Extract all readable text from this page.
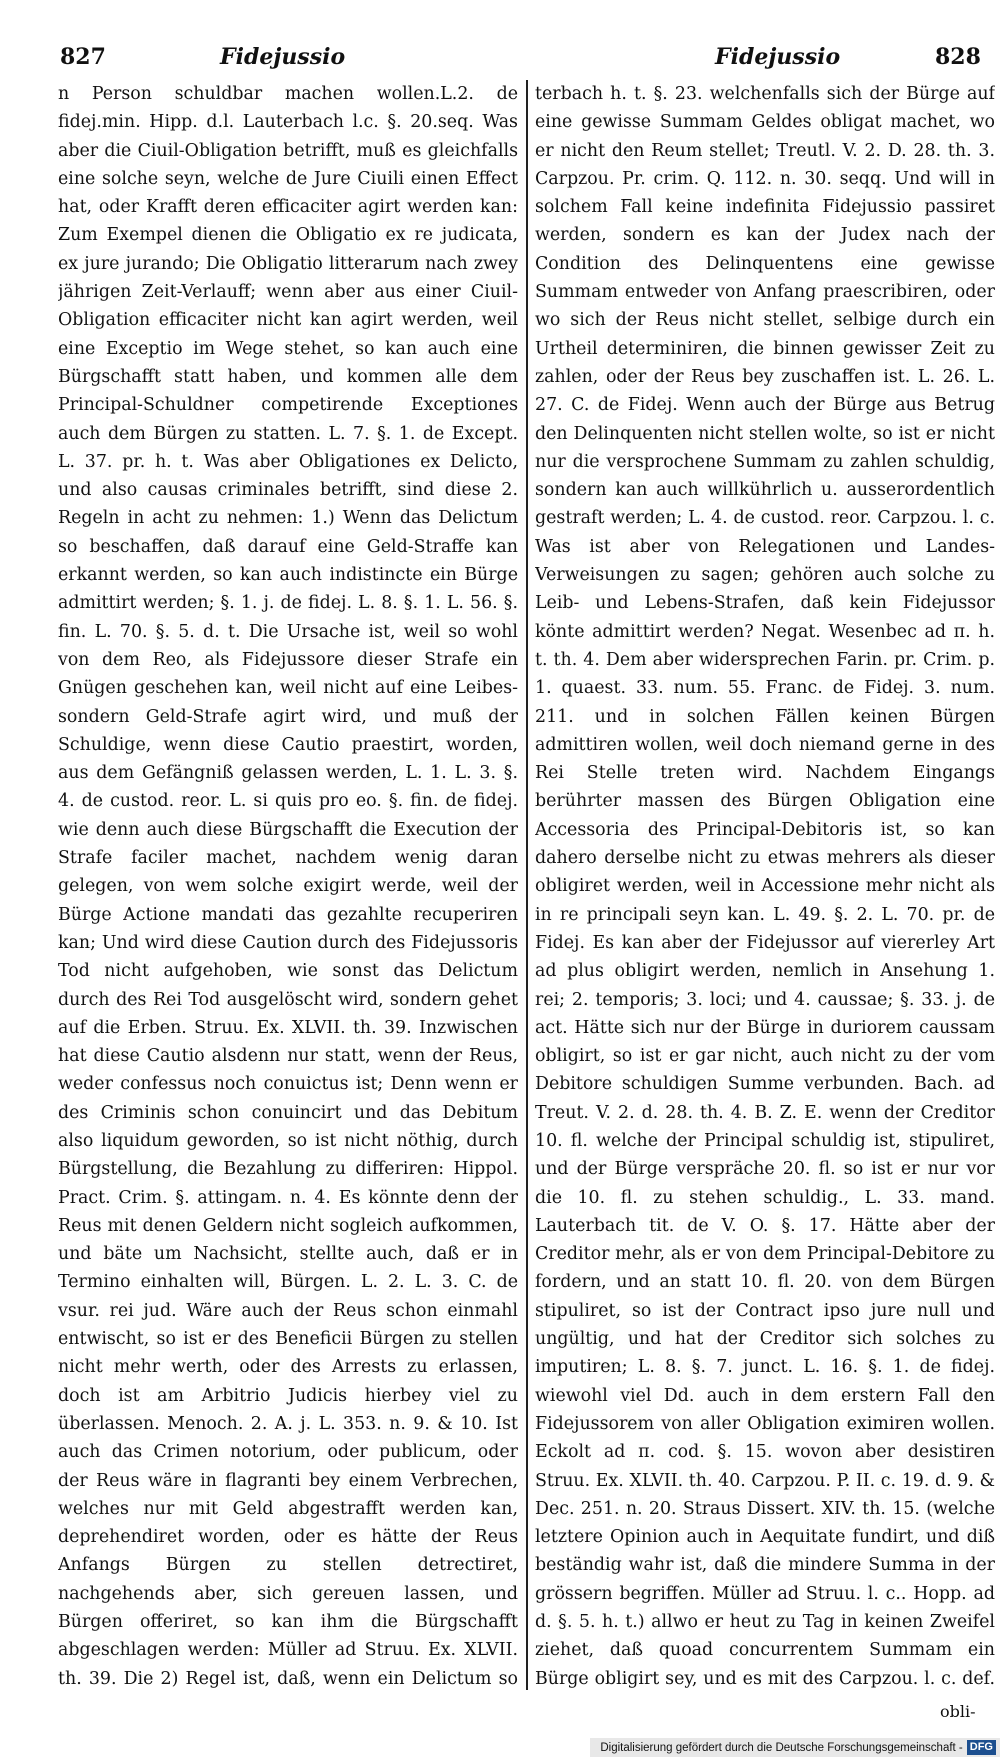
827	Fidejussio	Fidejussio	828

n Person schuldbar machen wollen.L.2. de fidej.min. Hipp. d.l. Lauterbach l.c. §. 20.seq. Was aber die Ciuil-Obligation betrifft, muß es gleichfalls eine solche seyn, welche de Jure Ciuili einen Effect hat, oder Krafft deren efficaciter agirt werden kan: Zum Exempel dienen die Obligatio ex re judicata, ex jure jurando; Die Obligatio litterarum nach zwey jährigen Zeit-Verlauff; wenn aber aus einer Ciuil-Obligation efficaciter nicht kan agirt werden, weil eine Exceptio im Wege stehet, so kan auch eine Bürgschafft statt haben, und kommen alle dem Principal-Schuldner competirende Exceptiones auch dem Bürgen zu statten. L. 7. §. 1. de Except. L. 37. pr. h. t. Was aber Obligationes ex Delicto, und also causas criminales betrifft, sind diese 2. Regeln in acht zu nehmen: 1.) Wenn das Delictum so beschaffen, daß darauf eine Geld-Straffe kan erkannt werden, so kan auch indistincte ein Bürge admittirt werden; §. 1. j. de fidej. L. 8. §. 1. L. 56. §. fin. L. 70. §. 5. d. t. Die Ursache ist, weil so wohl von dem Reo, als Fidejussore dieser Strafe ein Gnügen geschehen kan, weil nicht auf eine Leibes- sondern Geld-Strafe agirt wird, und muß der Schuldige, wenn diese Cautio praestirt, worden, aus dem Gefängniß gelassen werden, L. 1. L. 3. §. 4. de custod. reor. L. si quis pro eo. §. fin. de fidej. wie denn auch diese Bürgschafft die Execution der Strafe faciler machet, nachdem wenig daran gelegen, von wem solche exigirt werde, weil der Bürge Actione mandati das gezahlte recuperiren kan; Und wird diese Caution durch des Fidejussoris Tod nicht aufgehoben, wie sonst das Delictum durch des Rei Tod ausgelöscht wird, sondern gehet auf die Erben. Struu. Ex. XLVII. th. 39. Inzwischen hat diese Cautio alsdenn nur statt, wenn der Reus, weder confessus noch conuictus ist; Denn wenn er des Criminis schon conuincirt und das Debitum also liquidum geworden, so ist nicht nöthig, durch Bürgstellung, die Bezahlung zu differiren: Hippol. Pract. Crim. §. attingam. n. 4. Es könnte denn der Reus mit denen Geldern nicht sogleich aufkommen, und bäte um Nachsicht, stellte auch, daß er in Termino einhalten will, Bürgen. L. 2. L. 3. C. de vsur. rei jud. Wäre auch der Reus schon einmahl entwischt, so ist er des Beneficii Bürgen zu stellen nicht mehr werth, oder des Arrests zu erlassen, doch ist am Arbitrio Judicis hierbey viel zu überlassen. Menoch. 2. A. j. L. 353. n. 9. & 10. Ist auch das Crimen notorium, oder publicum, oder der Reus wäre in flagranti bey einem Verbrechen, welches nur mit Geld abgestrafft werden kan, deprehendiret worden, oder es hätte der Reus Anfangs Bürgen zu stellen detrectiret, nachgehends aber, sich gereuen lassen, und Bürgen offeriret, so kan ihm die Bürgschafft abgeschlagen werden: Müller ad Struu. Ex. XLVII. th. 39. Die 2) Regel ist, daß, wenn ein Delictum so

terbach h. t. §. 23. welchenfalls sich der Bürge auf eine gewisse Summam Geldes obligat machet, wo er nicht den Reum stellet; Treutl. V. 2. D. 28. th. 3. Carpzou. Pr. crim. Q. 112. n. 30. seqq. Und will in solchem Fall keine indefinita Fidejussio passiret werden, sondern es kan der Judex nach der Condition des Delinquentens eine gewisse Summam entweder von Anfang praescribiren, oder wo sich der Reus nicht stellet, selbige durch ein Urtheil determiniren, die binnen gewisser Zeit zu zahlen, oder der Reus bey zuschaffen ist. L. 26. L. 27. C. de Fidej. Wenn auch der Bürge aus Betrug den Delinquenten nicht stellen wolte, so ist er nicht nur die versprochene Summam zu zahlen schuldig, sondern kan auch willkührlich u. ausserordentlich gestraft werden; L. 4. de custod. reor. Carpzou. l. c. Was ist aber von Relegationen und Landes-Verweisungen zu sagen; gehören auch solche zu Leib- und Lebens-Strafen, daß kein Fidejussor könte admittirt werden? Negat. Wesenbec ad π. h. t. th. 4. Dem aber widersprechen Farin. pr. Crim. p. 1. quaest. 33. num. 55. Franc. de Fidej. 3. num. 211. und in solchen Fällen keinen Bürgen admittiren wollen, weil doch niemand gerne in des Rei Stelle treten wird. Nachdem Eingangs berührter massen des Bürgen Obligation eine Accessoria des Principal-Debitoris ist, so kan dahero derselbe nicht zu etwas mehrers als dieser obligiret werden, weil in Accessione mehr nicht als in re principali seyn kan. L. 49. §. 2. L. 70. pr. de Fidej. Es kan aber der Fidejussor auf viererley Art ad plus obligirt werden, nemlich in Ansehung 1. rei; 2. temporis; 3. loci; und 4. caussae; §. 33. j. de act. Hätte sich nur der Bürge in duriorem caussam obligirt, so ist er gar nicht, auch nicht zu der vom Debitore schuldigen Summe verbunden. Bach. ad Treut. V. 2. d. 28. th. 4. B. Z. E. wenn der Creditor 10. fl. welche der Principal schuldig ist, stipuliret, und der Bürge verspräche 20. fl. so ist er nur vor die 10. fl. zu stehen schuldig., L. 33. mand. Lauterbach tit. de V. O. §. 17. Hätte aber der Creditor mehr, als er von dem Principal-Debitore zu fordern, und an statt 10. fl. 20. von dem Bürgen stipuliret, so ist der Contract ipso jure null und ungültig, und hat der Creditor sich solches zu imputiren; L. 8. §. 7. junct. L. 16. §. 1. de fidej. wiewohl viel Dd. auch in dem erstern Fall den Fidejussorem von aller Obligation eximiren wollen. Eckolt ad π. cod. §. 15. wovon aber desistiren Struu. Ex. XLVII. th. 40. Carpzou. P. II. c. 19. d. 9. & Dec. 251. n. 20. Straus Dissert. XIV. th. 15. (welche letztere Opinion auch in Aequitate fundirt, und diß beständig wahr ist, daß die mindere Summa in der grössern begriffen. Müller ad Struu. l. c.. Hopp. ad d. §. 5. h. t.) allwo er heut zu Tag in keinen Zweifel ziehet, daß quoad concurrentem Summam ein Bürge obligirt sey, und es mit des Carpzou. l. c. def.

obli-
Digitalisierung gefördert durch die Deutsche Forschungsgemeinschaft - DFG
